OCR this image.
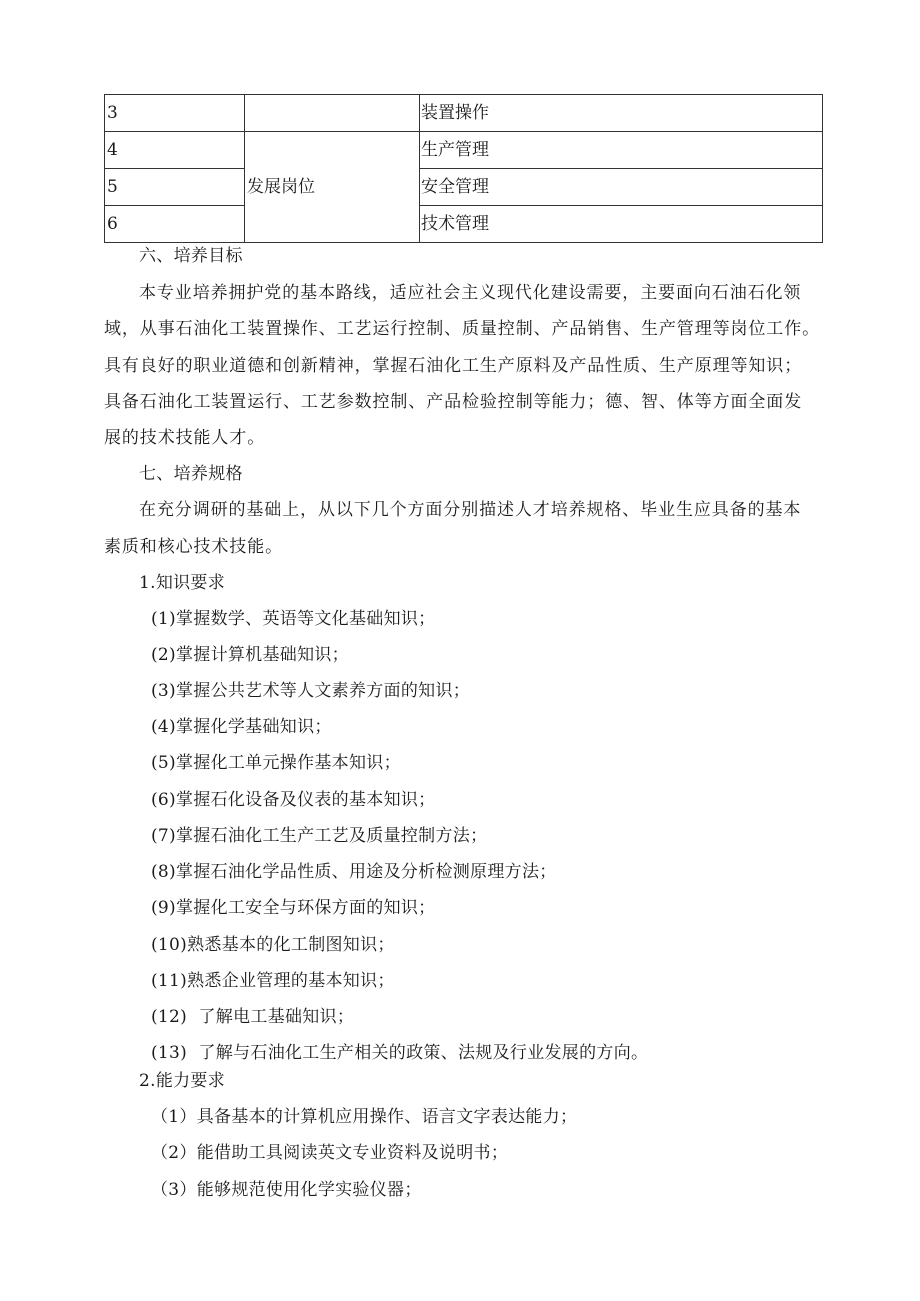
3		装置操作
4	发展岗位	生产管理
5		安全管理
6		技术管理
六、培养目标
本专业培养拥护党的基本路线，适应社会主义现代化建设需要，主要面向石油石化领
域，从事石油化工装置操作、工艺运行控制、质量控制、产品销售、生产管理等岗位工作。
具有良好的职业道德和创新精神，掌握石油化工生产原料及产品性质、生产原理等知识；
具备石油化工装置运行、工艺参数控制、产品检验控制等能力；德、智、体等方面全面发
展的技术技能人才。
七、培养规格
在充分调研的基础上，从以下几个方面分别描述人才培养规格、毕业生应具备的基本
素质和核心技术技能。
1.知识要求
(1)掌握数学、英语等文化基础知识；
(2)掌握计算机基础知识；
(3)掌握公共艺术等人文素养方面的知识；
(4)掌握化学基础知识；
(5)掌握化工单元操作基本知识；
(6)掌握石化设备及仪表的基本知识；
(7)掌握石油化工生产工艺及质量控制方法；
(8)掌握石油化学品性质、用途及分析检测原理方法；
(9)掌握化工安全与环保方面的知识；
(10)熟悉基本的化工制图知识；
(11)熟悉企业管理的基本知识；
(12)  了解电工基础知识；
(13)  了解与石油化工生产相关的政策、法规及行业发展的方向。
2.能力要求
（1）具备基本的计算机应用操作、语言文字表达能力；
（2）能借助工具阅读英文专业资料及说明书；
（3）能够规范使用化学实验仪器；
